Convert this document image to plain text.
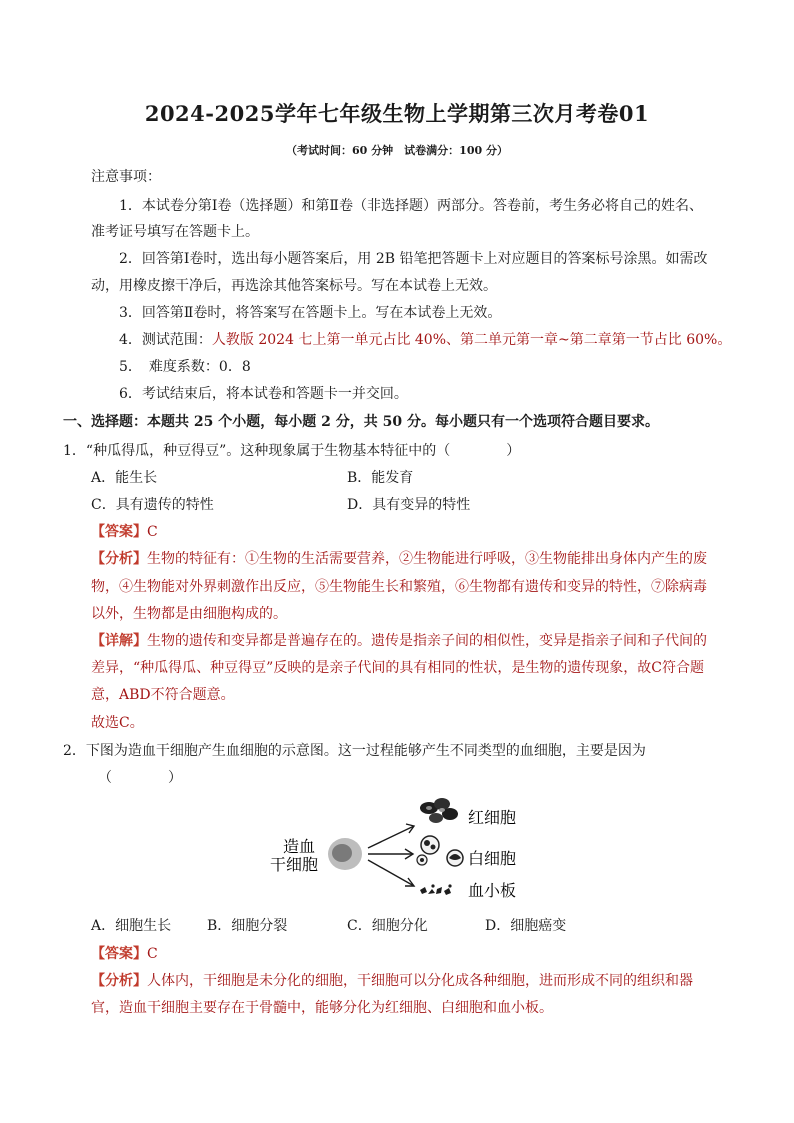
2024-2025学年七年级生物上学期第三次月考卷01
（考试时间：60 分钟　试卷满分：100 分）
注意事项：
1．本试卷分第Ⅰ卷（选择题）和第Ⅱ卷（非选择题）两部分。答卷前，考生务必将自己的姓名、
准考证号填写在答题卡上。
2．回答第Ⅰ卷时，选出每小题答案后，用 2B 铅笔把答题卡上对应题目的答案标号涂黑。如需改
动，用橡皮擦干净后，再选涂其他答案标号。写在本试卷上无效。
3．回答第Ⅱ卷时，将答案写在答题卡上。写在本试卷上无效。
4．测试范围：人教版 2024 七上第一单元占比 40%、第二单元第一章~第二章第一节占比 60%。
5．　难度系数：0．8
6．考试结束后，将本试卷和答题卡一并交回。
一、选择题：本题共 25 个小题，每小题 2 分，共 50 分。每小题只有一个选项符合题目要求。
1．“种瓜得瓜，种豆得豆”。这种现象属于生物基本特征中的（　　　　）
A．能生长	B．能发育
C．具有遗传的特性	D．具有变异的特性
【答案】C
【分析】生物的特征有：①生物的生活需要营养，②生物能进行呼吸，③生物能排出身体内产生的废
物，④生物能对外界刺激作出反应，⑤生物能生长和繁殖，⑥生物都有遗传和变异的特性，⑦除病毒
以外，生物都是由细胞构成的。
【详解】生物的遗传和变异都是普遍存在的。遗传是指亲子间的相似性，变异是指亲子间和子代间的
差异，“种瓜得瓜、种豆得豆”反映的是亲子代间的具有相同的性状，是生物的遗传现象，故C符合题
意，ABD不符合题意。
故选C。
2．下图为造血干细胞产生血细胞的示意图。这一过程能够产生不同类型的血细胞，主要是因为
（　　　　）
造血
干细胞
红细胞
白细胞
血小板
A．细胞生长	B．细胞分裂	C．细胞分化	D．细胞癌变
【答案】C
【分析】人体内，干细胞是未分化的细胞，干细胞可以分化成各种细胞，进而形成不同的组织和器
官，造血干细胞主要存在于骨髓中，能够分化为红细胞、白细胞和血小板。
